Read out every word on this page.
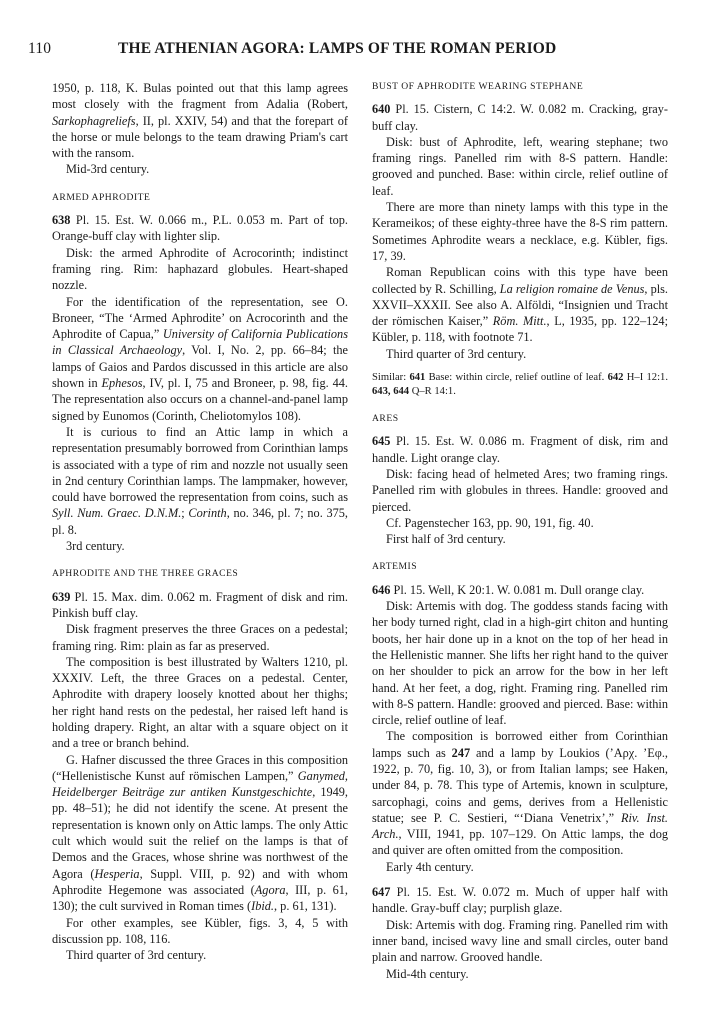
110	THE ATHENIAN AGORA: LAMPS OF THE ROMAN PERIOD

1950, p. 118, K. Bulas pointed out that this lamp agrees most closely with the fragment from Adalia (Robert, Sarkophagreliefs, II, pl. XXIV, 54) and that the forepart of the horse or mule belongs to the team drawing Priam's cart with the ransom.

Mid-3rd century.

ARMED APHRODITE

638 Pl. 15. Est. W. 0.066 m., P.L. 0.053 m. Part of top. Orange-buff clay with lighter slip.

Disk: the armed Aphrodite of Acrocorinth; indistinct framing ring. Rim: haphazard globules. Heart-shaped nozzle.

For the identification of the representation, see O. Broneer, “The ‘Armed Aphrodite’ on Acrocorinth and the Aphrodite of Capua,” University of California Publications in Classical Archaeology, Vol. I, No. 2, pp. 66–84; the lamps of Gaios and Pardos discussed in this article are also shown in Ephesos, IV, pl. I, 75 and Broneer, p. 98, fig. 44. The representation also occurs on a channel-and-panel lamp signed by Eunomos (Corinth, Cheliotomylos 108).

It is curious to find an Attic lamp in which a representation presumably borrowed from Corinthian lamps is associated with a type of rim and nozzle not usually seen in 2nd century Corinthian lamps. The lampmaker, however, could have borrowed the representation from coins, such as Syll. Num. Graec. D.N.M.; Corinth, no. 346, pl. 7; no. 375, pl. 8.

3rd century.

APHRODITE AND THE THREE GRACES

639 Pl. 15. Max. dim. 0.062 m. Fragment of disk and rim. Pinkish buff clay.

Disk fragment preserves the three Graces on a pedestal; framing ring. Rim: plain as far as preserved.

The composition is best illustrated by Walters 1210, pl. XXXIV. Left, the three Graces on a pedestal. Center, Aphrodite with drapery loosely knotted about her thighs; her right hand rests on the pedestal, her raised left hand is holding drapery. Right, an altar with a square object on it and a tree or branch behind.

G. Hafner discussed the three Graces in this composition (“Hellenistische Kunst auf römischen Lampen,” Ganymed, Heidelberger Beiträge zur antiken Kunstgeschichte, 1949, pp. 48–51); he did not identify the scene. At present the representation is known only on Attic lamps. The only Attic cult which would suit the relief on the lamps is that of Demos and the Graces, whose shrine was northwest of the Agora (Hesperia, Suppl. VIII, p. 92) and with whom Aphrodite Hegemone was associated (Agora, III, p. 61, 130); the cult survived in Roman times (Ibid., p. 61, 131).

For other examples, see Kübler, figs. 3, 4, 5 with discussion pp. 108, 116.

Third quarter of 3rd century.

BUST OF APHRODITE WEARING STEPHANE

640 Pl. 15. Cistern, C 14:2. W. 0.082 m. Cracking, gray-buff clay.

Disk: bust of Aphrodite, left, wearing stephane; two framing rings. Panelled rim with 8-S pattern. Handle: grooved and punched. Base: within circle, relief outline of leaf.

There are more than ninety lamps with this type in the Kerameikos; of these eighty-three have the 8-S rim pattern. Sometimes Aphrodite wears a necklace, e.g. Kübler, figs. 17, 39.

Roman Republican coins with this type have been collected by R. Schilling, La religion romaine de Venus, pls. XXVII–XXXII. See also A. Alföldi, “Insignien und Tracht der römischen Kaiser,” Röm. Mitt., L, 1935, pp. 122–124; Kübler, p. 118, with footnote 71.

Third quarter of 3rd century.

Similar: 641 Base: within circle, relief outline of leaf. 642 H–I 12:1. 643, 644 Q–R 14:1.

ARES

645 Pl. 15. Est. W. 0.086 m. Fragment of disk, rim and handle. Light orange clay.

Disk: facing head of helmeted Ares; two framing rings. Panelled rim with globules in threes. Handle: grooved and pierced.

Cf. Pagenstecher 163, pp. 90, 191, fig. 40.

First half of 3rd century.

ARTEMIS

646 Pl. 15. Well, K 20:1. W. 0.081 m. Dull orange clay.

Disk: Artemis with dog. The goddess stands facing with her body turned right, clad in a high-girt chiton and hunting boots, her hair done up in a knot on the top of her head in the Hellenistic manner. She lifts her right hand to the quiver on her shoulder to pick an arrow for the bow in her left hand. At her feet, a dog, right. Framing ring. Panelled rim with 8-S pattern. Handle: grooved and pierced. Base: within circle, relief outline of leaf.

The composition is borrowed either from Corinthian lamps such as 247 and a lamp by Loukios (’Αρχ. ’Εφ., 1922, p. 70, fig. 10, 3), or from Italian lamps; see Haken, under 84, p. 78. This type of Artemis, known in sculpture, sarcophagi, coins and gems, derives from a Hellenistic statue; see P. C. Sestieri, “‘Diana Venetrix’,” Riv. Inst. Arch., VIII, 1941, pp. 107–129. On Attic lamps, the dog and quiver are often omitted from the composition.

Early 4th century.

647 Pl. 15. Est. W. 0.072 m. Much of upper half with handle. Gray-buff clay; purplish glaze.

Disk: Artemis with dog. Framing ring. Panelled rim with inner band, incised wavy line and small circles, outer band plain and narrow. Grooved handle.

Mid-4th century.
